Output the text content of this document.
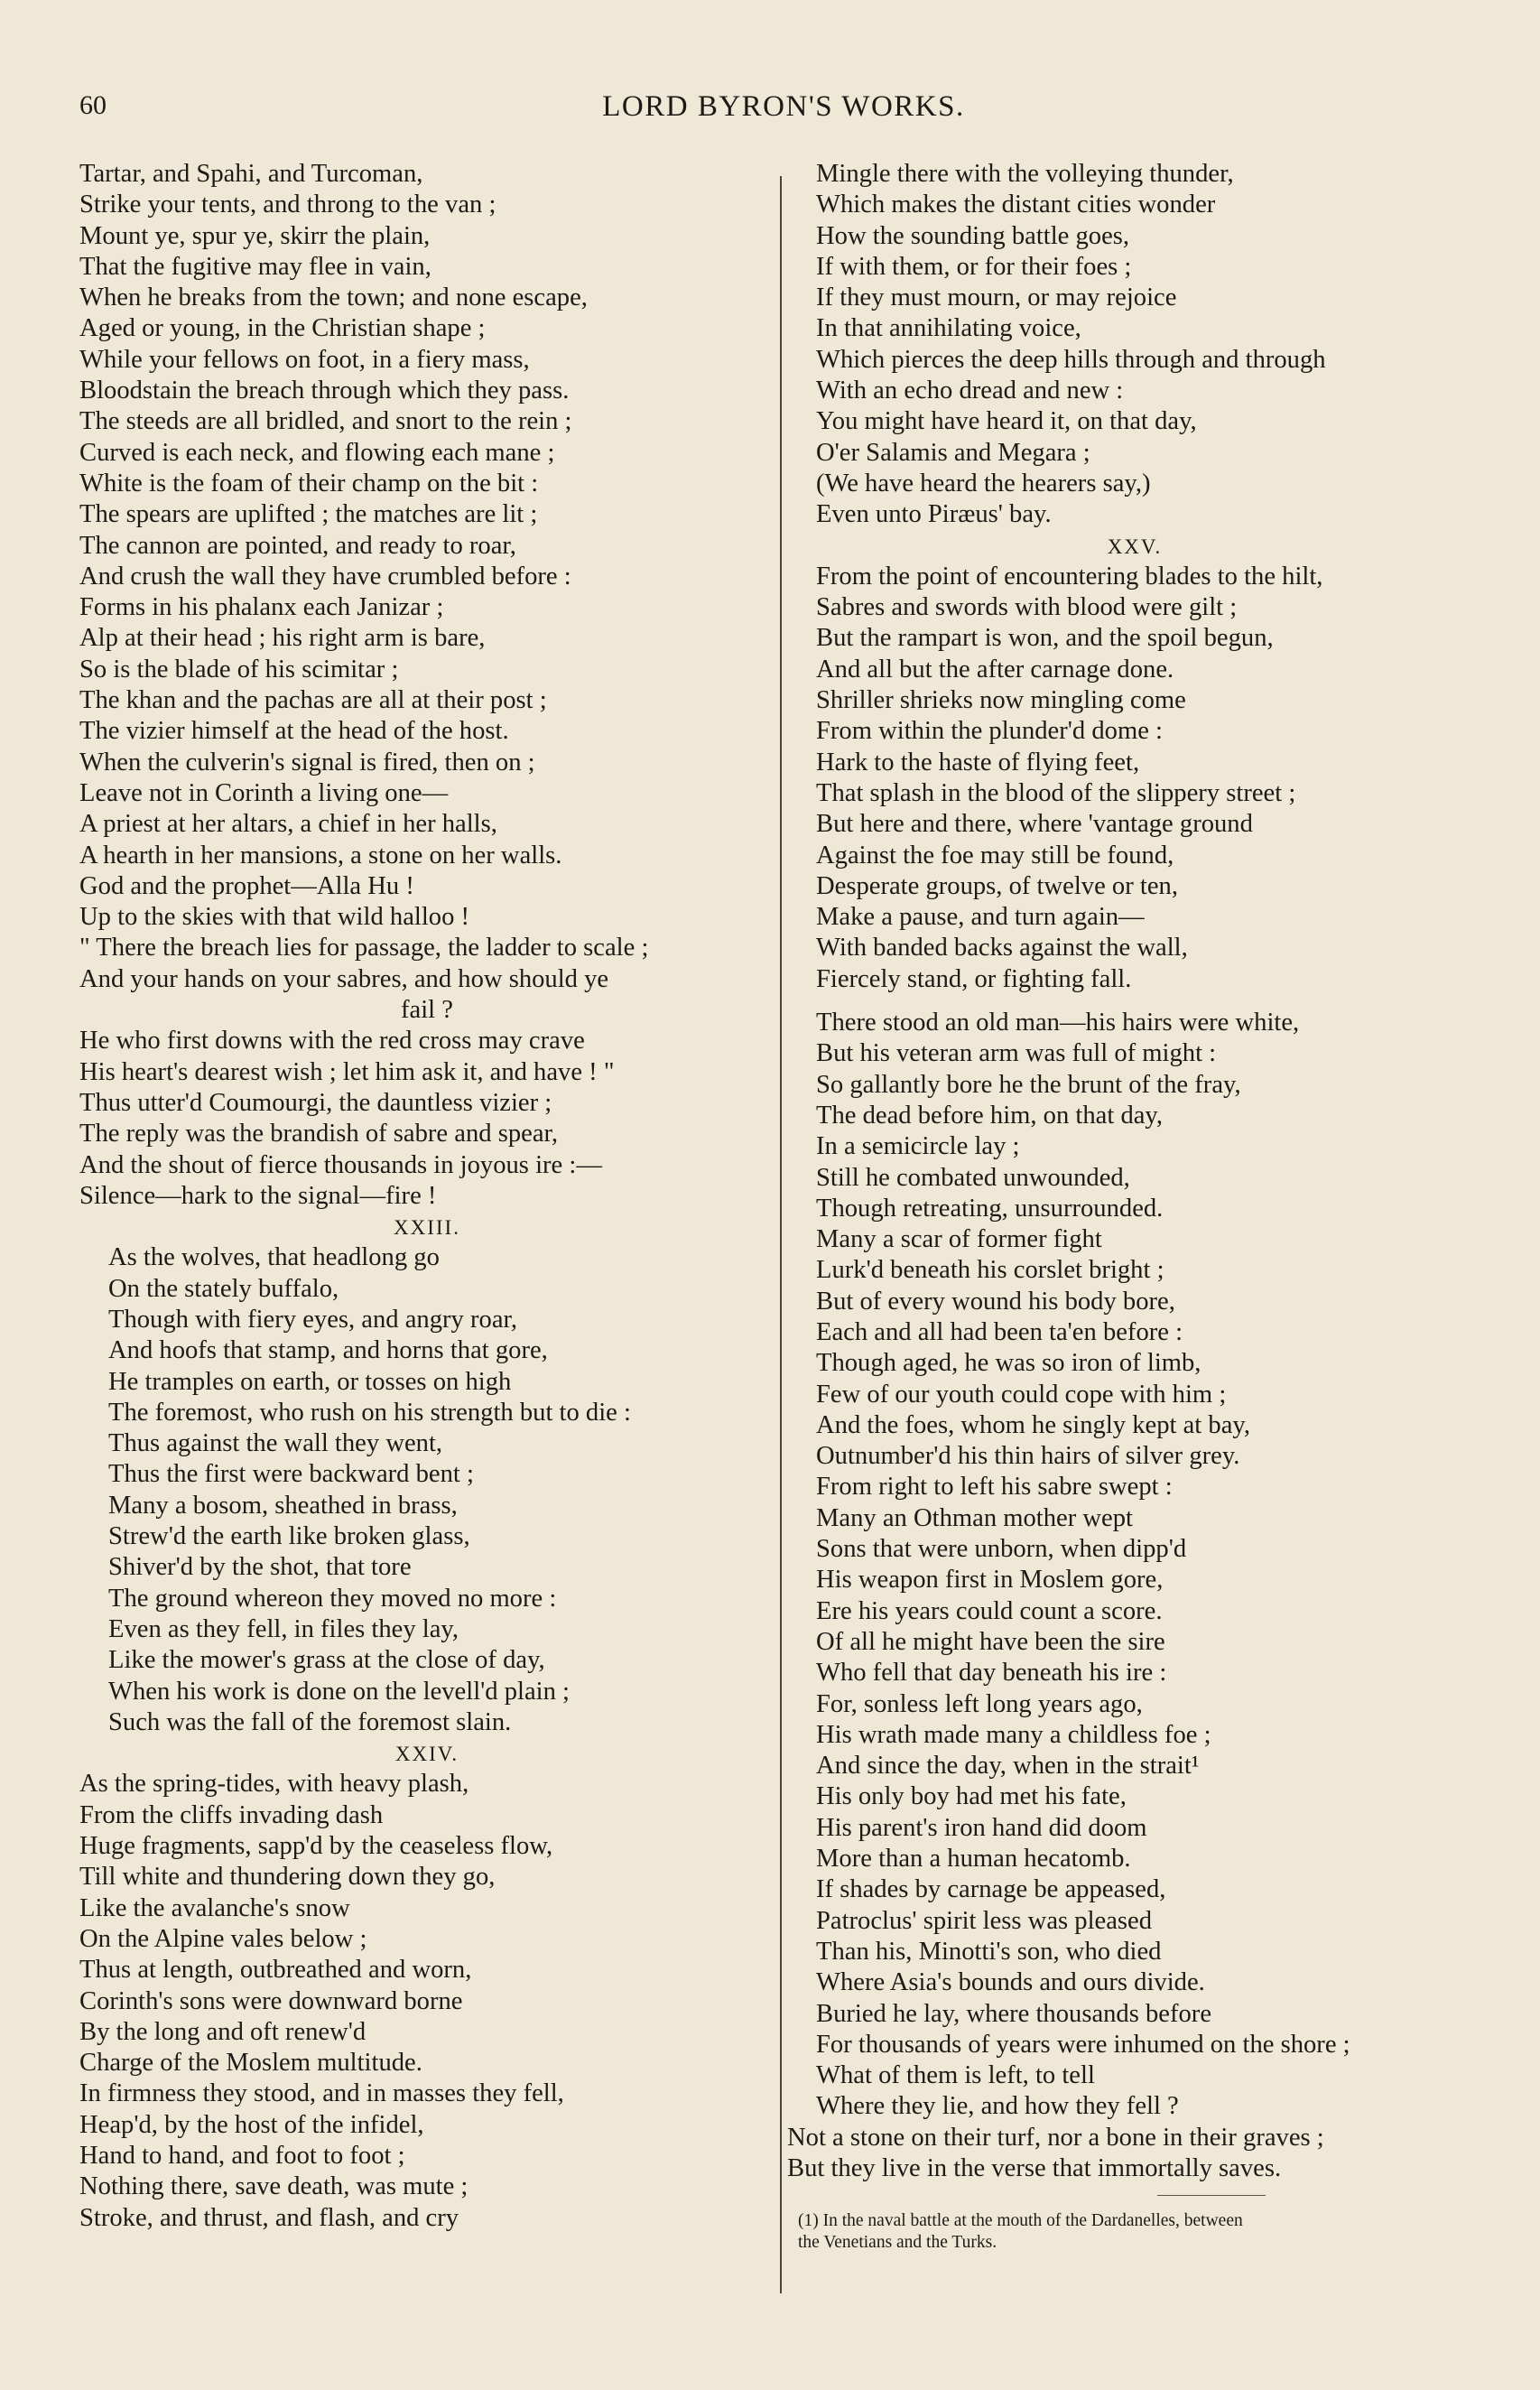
60	LORD BYRON'S WORKS.
Tartar, and Spahi, and Turcoman,
Strike your tents, and throng to the van ;
Mount ye, spur ye, skirr the plain,
That the fugitive may flee in vain,
When he breaks from the town; and none escape,
Aged or young, in the Christian shape ;
While your fellows on foot, in a fiery mass,
Bloodstain the breach through which they pass.
The steeds are all bridled, and snort to the rein ;
Curved is each neck, and flowing each mane ;
White is the foam of their champ on the bit :
The spears are uplifted ; the matches are lit ;
The cannon are pointed, and ready to roar,
And crush the wall they have crumbled before :
Forms in his phalanx each Janizar ;
Alp at their head ; his right arm is bare,
So is the blade of his scimitar ;
The khan and the pachas are all at their post ;
The vizier himself at the head of the host.
When the culverin's signal is fired, then on ;
Leave not in Corinth a living one—
A priest at her altars, a chief in her halls,
A hearth in her mansions, a stone on her walls.
God and the prophet—Alla Hu !
Up to the skies with that wild halloo !
" There the breach lies for passage, the ladder to scale ;
And your hands on your sabres, and how should ye
fail ?
He who first downs with the red cross may crave
His heart's dearest wish ; let him ask it, and have ! "
Thus utter'd Coumourgi, the dauntless vizier ;
The reply was the brandish of sabre and spear,
And the shout of fierce thousands in joyous ire :—
Silence—hark to the signal—fire !
XXIII.
As the wolves, that headlong go
On the stately buffalo,
Though with fiery eyes, and angry roar,
And hoofs that stamp, and horns that gore,
He tramples on earth, or tosses on high
The foremost, who rush on his strength but to die :
Thus against the wall they went,
Thus the first were backward bent ;
Many a bosom, sheathed in brass,
Strew'd the earth like broken glass,
Shiver'd by the shot, that tore
The ground whereon they moved no more :
Even as they fell, in files they lay,
Like the mower's grass at the close of day,
When his work is done on the levell'd plain ;
Such was the fall of the foremost slain.
XXIV.
As the spring-tides, with heavy plash,
From the cliffs invading dash
Huge fragments, sapp'd by the ceaseless flow,
Till white and thundering down they go,
Like the avalanche's snow
On the Alpine vales below ;
Thus at length, outbreathed and worn,
Corinth's sons were downward borne
By the long and oft renew'd
Charge of the Moslem multitude.
In firmness they stood, and in masses they fell,
Heap'd, by the host of the infidel,
Hand to hand, and foot to foot ;
Nothing there, save death, was mute ;
Stroke, and thrust, and flash, and cry
Mingle there with the volleying thunder,
Which makes the distant cities wonder
How the sounding battle goes,
If with them, or for their foes ;
If they must mourn, or may rejoice
In that annihilating voice,
Which pierces the deep hills through and through
With an echo dread and new :
You might have heard it, on that day,
O'er Salamis and Megara ;
(We have heard the hearers say,)
Even unto Piræus' bay.
XXV.
From the point of encountering blades to the hilt,
Sabres and swords with blood were gilt ;
But the rampart is won, and the spoil begun,
And all but the after carnage done.
Shriller shrieks now mingling come
From within the plunder'd dome :
Hark to the haste of flying feet,
That splash in the blood of the slippery street ;
But here and there, where 'vantage ground
Against the foe may still be found,
Desperate groups, of twelve or ten,
Make a pause, and turn again—
With banded backs against the wall,
Fiercely stand, or fighting fall.
There stood an old man—his hairs were white,
But his veteran arm was full of might :
So gallantly bore he the brunt of the fray,
The dead before him, on that day,
In a semicircle lay ;
Still he combated unwounded,
Though retreating, unsurrounded.
Many a scar of former fight
Lurk'd beneath his corslet bright ;
But of every wound his body bore,
Each and all had been ta'en before :
Though aged, he was so iron of limb,
Few of our youth could cope with him ;
And the foes, whom he singly kept at bay,
Outnumber'd his thin hairs of silver grey.
From right to left his sabre swept :
Many an Othman mother wept
Sons that were unborn, when dipp'd
His weapon first in Moslem gore,
Ere his years could count a score.
Of all he might have been the sire
Who fell that day beneath his ire :
For, sonless left long years ago,
His wrath made many a childless foe ;
And since the day, when in the strait¹
His only boy had met his fate,
His parent's iron hand did doom
More than a human hecatomb.
If shades by carnage be appeased,
Patroclus' spirit less was pleased
Than his, Minotti's son, who died
Where Asia's bounds and ours divide.
Buried he lay, where thousands before
For thousands of years were inhumed on the shore ;
What of them is left, to tell
Where they lie, and how they fell ?
Not a stone on their turf, nor a bone in their graves ;
But they live in the verse that immortally saves.
(1) In the naval battle at the mouth of the Dardanelles, between
the Venetians and the Turks.
